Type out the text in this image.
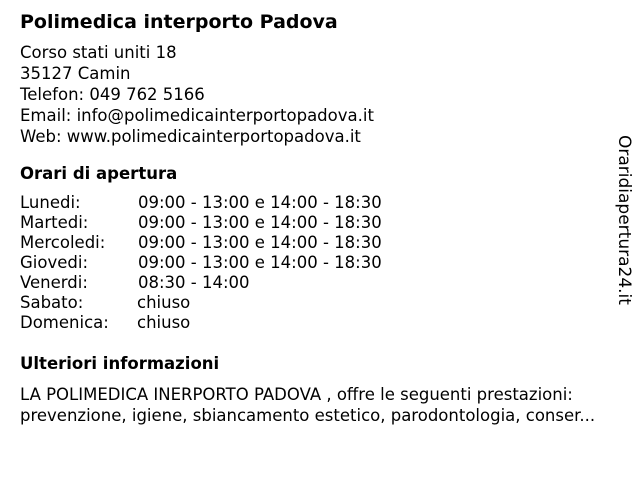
Polimedica interporto Padova
Corso stati uniti 18
35127 Camin
Telefon: 049 762 5166
Email: info@polimedicainterportopadova.it
Web: www.polimedicainterportopadova.it
Orari di apertura
Lunedi:	09:00 - 13:00 e 14:00 - 18:30
Martedi:	09:00 - 13:00 e 14:00 - 18:30
Mercoledi: 09:00 - 13:00 e 14:00 - 18:30
Giovedi:	09:00 - 13:00 e 14:00 - 18:30
Venerdi:	08:30 - 14:00
Sabato:	chiuso
Domenica: chiuso
Ulteriori informazioni
LA POLIMEDICA INERPORTO PADOVA , offre le seguenti prestazioni:
prevenzione, igiene, sbiancamento estetico, parodontologia, conser...
Oraridiapertura24.it
